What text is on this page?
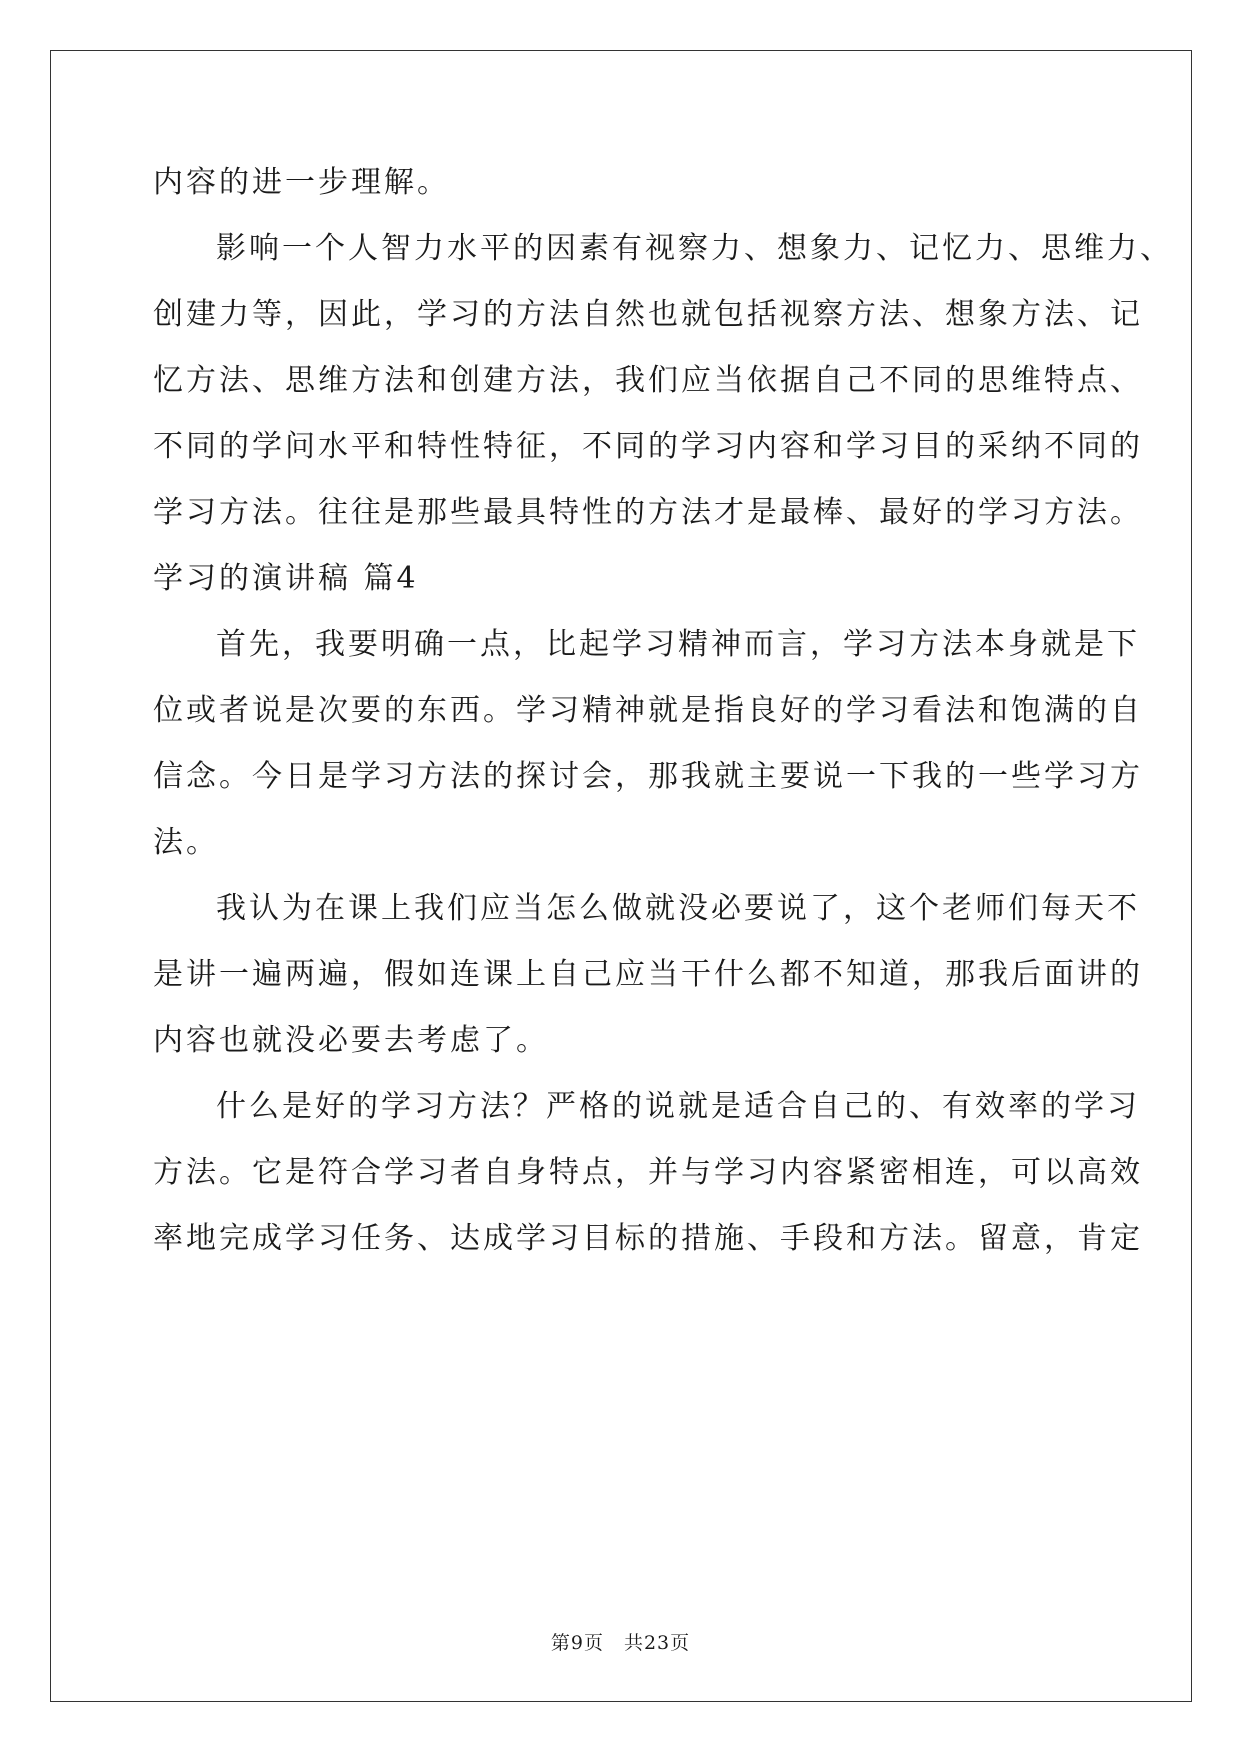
内容的进一步理解。
影响一个人智力水平的因素有视察力、想象力、记忆力、思维力、
创建力等，因此，学习的方法自然也就包括视察方法、想象方法、记
忆方法、思维方法和创建方法，我们应当依据自己不同的思维特点、
不同的学问水平和特性特征，不同的学习内容和学习目的采纳不同的
学习方法。往往是那些最具特性的方法才是最棒、最好的学习方法。
学习的演讲稿 篇4
首先，我要明确一点，比起学习精神而言，学习方法本身就是下
位或者说是次要的东西。学习精神就是指良好的学习看法和饱满的自
信念。今日是学习方法的探讨会，那我就主要说一下我的一些学习方
法。
我认为在课上我们应当怎么做就没必要说了，这个老师们每天不
是讲一遍两遍，假如连课上自己应当干什么都不知道，那我后面讲的
内容也就没必要去考虑了。
什么是好的学习方法？严格的说就是适合自己的、有效率的学习
方法。它是符合学习者自身特点，并与学习内容紧密相连，可以高效
率地完成学习任务、达成学习目标的措施、手段和方法。留意，肯定
第9页 共23页
